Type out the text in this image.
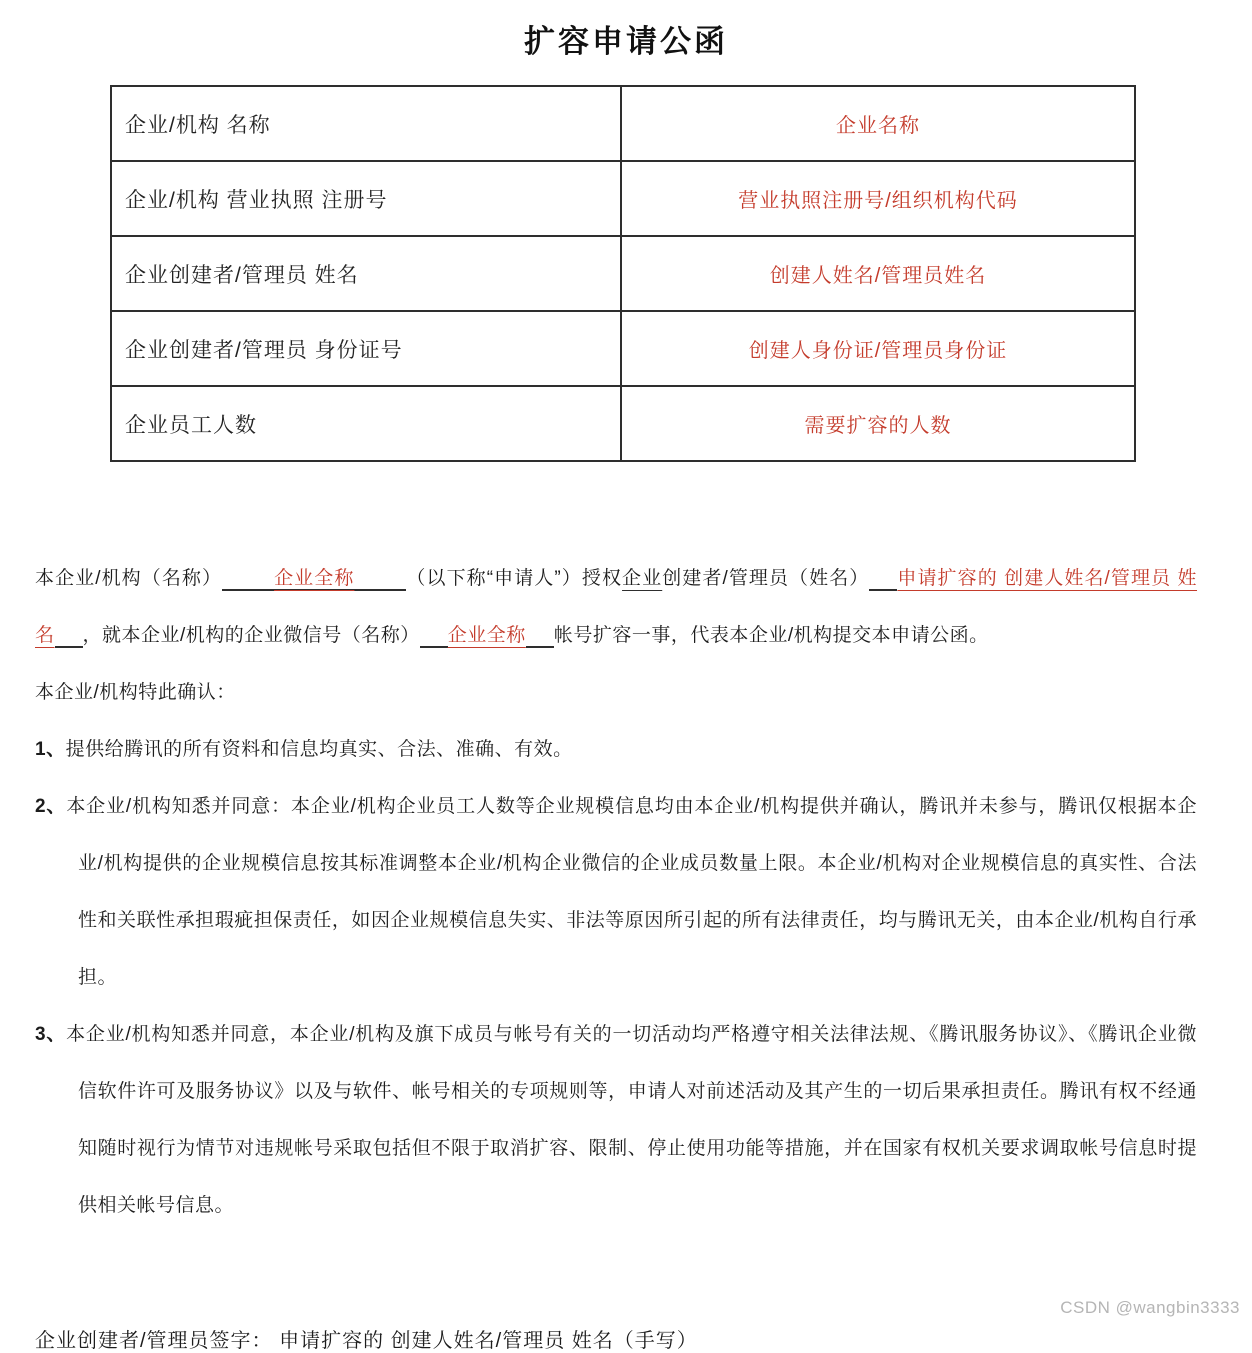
扩容申请公函
企业/机构 名称	企业名称
企业/机构 营业执照 注册号	营业执照注册号/组织机构代码
企业创建者/管理员 姓名	创建人姓名/管理员姓名
企业创建者/管理员 身份证号	创建人身份证/管理员身份证
企业员工人数	需要扩容的人数
本企业/机构（名称）	企业全称	（以下称“申请人”）授权企业创建者/管理员（姓名） 申请扩容的 创建人姓名/管理员 姓名 ，就本企业/机构的企业微信号（名称） 企业全称 帐号扩容一事，代表本企业/机构提交本申请公函。
本企业/机构特此确认：
1、提供给腾讯的所有资料和信息均真实、合法、准确、有效。
2、本企业/机构知悉并同意：本企业/机构企业员工人数等企业规模信息均由本企业/机构提供并确认，腾讯并未参与，腾讯仅根据本企业/机构提供的企业规模信息按其标准调整本企业/机构企业微信的企业成员数量上限。本企业/机构对企业规模信息的真实性、合法性和关联性承担瑕疵担保责任，如因企业规模信息失实、非法等原因所引起的所有法律责任，均与腾讯无关，由本企业/机构自行承担。
3、本企业/机构知悉并同意，本企业/机构及旗下成员与帐号有关的一切活动均严格遵守相关法律法规、《腾讯服务协议》、《腾讯企业微信软件许可及服务协议》以及与软件、帐号相关的专项规则等，申请人对前述活动及其产生的一切后果承担责任。腾讯有权不经通知随时视行为情节对违规帐号采取包括但不限于取消扩容、限制、停止使用功能等措施，并在国家有权机关要求调取帐号信息时提供相关帐号信息。
企业创建者/管理员签字： 申请扩容的 创建人姓名/管理员 姓名（手写）
CSDN @wangbin3333
